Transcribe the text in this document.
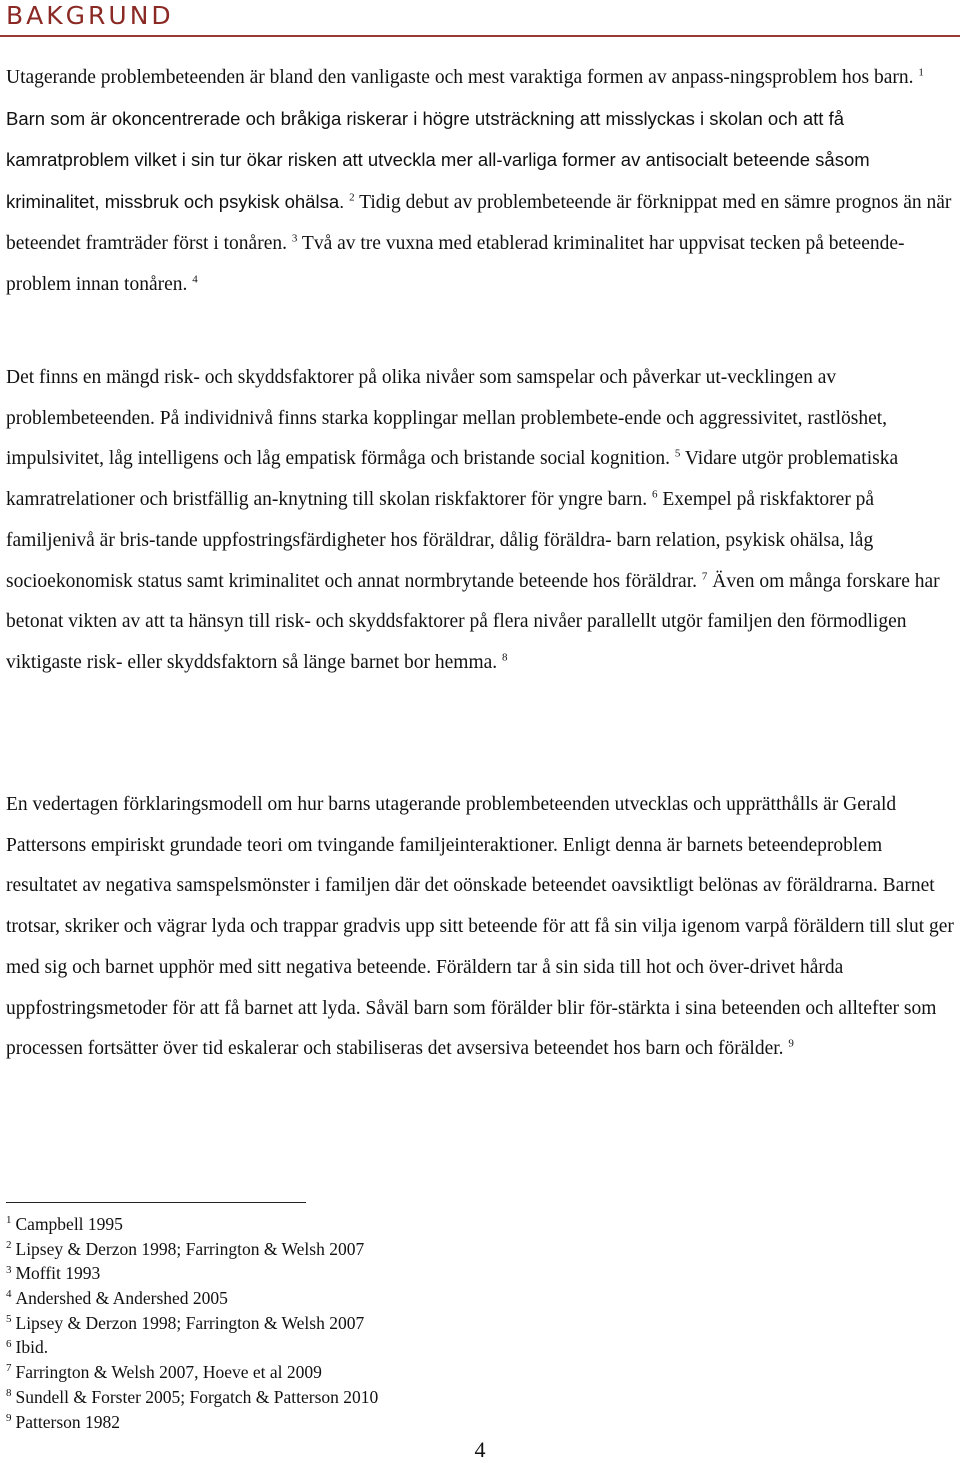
BAKGRUND

Utagerande problembeteenden är bland den vanligaste och mest varaktiga formen av anpass-ningsproblem hos barn. $^1$ Barn som är okoncentrerade och bråkiga riskerar i högre utsträckning att misslyckas i skolan och att få kamratproblem vilket i sin tur ökar risken att utveckla mer all-varliga former av antisocialt beteende såsom kriminalitet, missbruk och psykisk ohälsa. $^2$ Tidig debut av problembeteende är förknippat med en sämre prognos än när beteendet framträder först i tonåren. $^3$ Två av tre vuxna med etablerad kriminalitet har uppvisat tecken på beteende-problem innan tonåren. $^4$

Det finns en mängd risk- och skyddsfaktorer på olika nivåer som samspelar och påverkar ut-vecklingen av problembeteenden. På individnivå finns starka kopplingar mellan problembete-ende och aggressivitet, rastlöshet, impulsivitet, låg intelligens och låg empatisk förmåga och bristande social kognition. $^5$ Vidare utgör problematiska kamratrelationer och bristfällig an-knytning till skolan riskfaktorer för yngre barn. $^6$ Exempel på riskfaktorer på familjenivå är bris-tande uppfostringsfärdigheter hos föräldrar, dålig föräldra- barn relation, psykisk ohälsa, låg socioekonomisk status samt kriminalitet och annat normbrytande beteende hos föräldrar. $^7$ Även om många forskare har betonat vikten av att ta hänsyn till risk- och skyddsfaktorer på flera nivåer parallellt utgör familjen den förmodligen viktigaste risk- eller skyddsfaktorn så länge barnet bor hemma. $^8$

En vedertagen förklaringsmodell om hur barns utagerande problembeteenden utvecklas och upprätthålls är Gerald Pattersons empiriskt grundade teori om tvingande familjeinteraktioner. Enligt denna är barnets beteendeproblem resultatet av negativa samspelsmönster i familjen där det oönskade beteendet oavsiktligt belönas av föräldrarna. Barnet trotsar, skriker och vägrar lyda och trappar gradvis upp sitt beteende för att få sin vilja igenom varpå föräldern till slut ger med sig och barnet upphör med sitt negativa beteende. Föräldern tar å sin sida till hot och över-drivet hårda uppfostringsmetoder för att få barnet att lyda. Såväl barn som förälder blir för-stärkta i sina beteenden och alltefter som processen fortsätter över tid eskalerar och stabiliseras det avsersiva beteendet hos barn och förälder. $^9$

$^1$ Campbell 1995
$^2$ Lipsey & Derzon 1998; Farrington & Welsh 2007
$^3$ Moffit 1993
$^4$ Andershed & Andershed 2005
$^5$ Lipsey & Derzon 1998; Farrington & Welsh 2007
$^6$ Ibid.
$^7$ Farrington & Welsh 2007, Hoeve et al 2009
$^8$ Sundell & Forster 2005; Forgatch & Patterson 2010
$^9$ Patterson 1982
4
